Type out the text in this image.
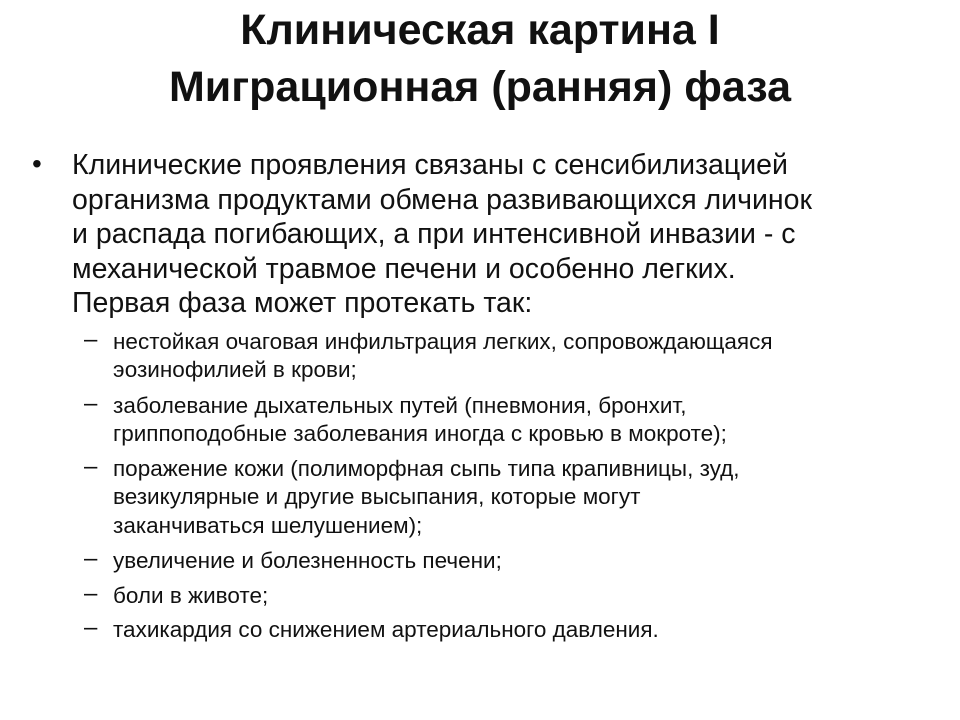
Клиническая картина I
Миграционная (ранняя) фаза
• Клинические проявления связаны с сенсибилизацией
организма продуктами обмена развивающихся личинок
и распада погибающих, а при интенсивной инвазии - с
механической травмое печени и особенно легких.
Первая фаза может протекать так:
– нестойкая очаговая инфильтрация легких, сопровождающаяся
эозинофилией в крови;
– заболевание дыхательных путей (пневмония, бронхит,
гриппоподобные заболевания иногда с кровью в мокроте);
– поражение кожи (полиморфная сыпь типа крапивницы, зуд,
везикулярные и другие высыпания, которые могут
заканчиваться шелушением);
– увеличение и болезненность печени;
– боли в животе;
– тахикардия со снижением артериального давления.
